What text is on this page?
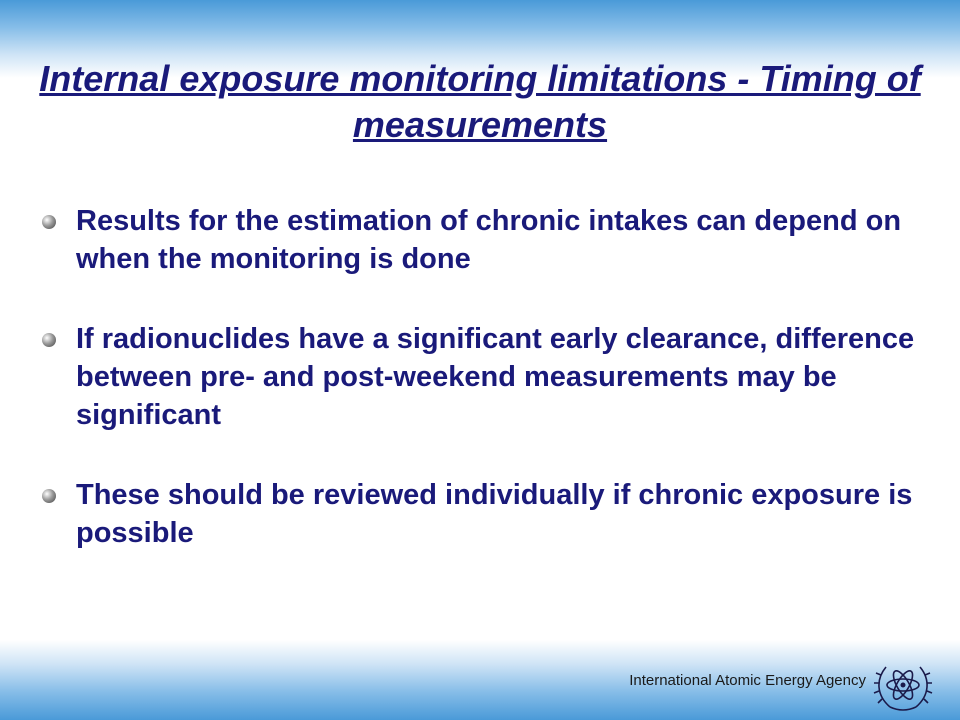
Internal exposure monitoring limitations - Timing of measurements
Results for the estimation of chronic intakes can depend on when the monitoring is done
If radionuclides have a significant early clearance, difference between pre- and post-weekend measurements may be significant
These should be reviewed individually if chronic exposure is possible
International Atomic Energy Agency
